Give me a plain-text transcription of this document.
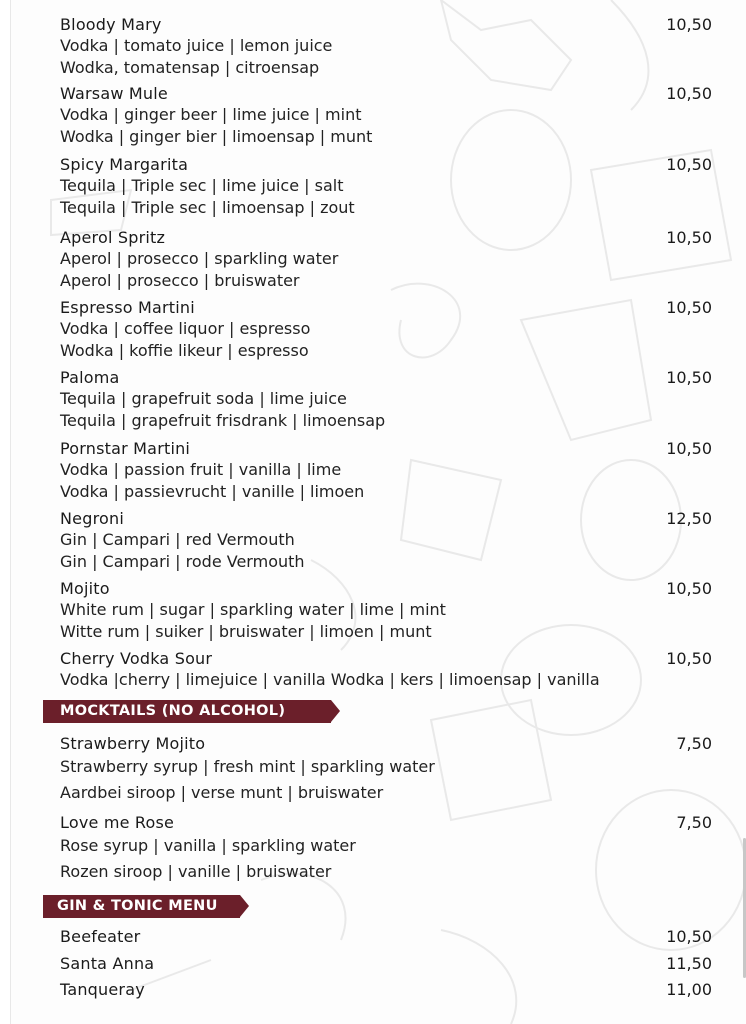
Bloody Mary	10,50
Vodka | tomato juice | lemon juice
Wodka, tomatensap | citroensap
Warsaw Mule	10,50
Vodka | ginger beer | lime juice | mint
Wodka | ginger bier | limoensap | munt
Spicy Margarita	10,50
Tequila | Triple sec | lime juice | salt
Tequila | Triple sec | limoensap | zout
Aperol Spritz	10,50
Aperol | prosecco | sparkling water
Aperol | prosecco | bruiswater
Espresso Martini	10,50
Vodka | coffee liquor | espresso
Wodka | koffie likeur | espresso
Paloma	10,50
Tequila | grapefruit soda | lime juice
Tequila | grapefruit frisdrank | limoensap
Pornstar Martini	10,50
Vodka | passion fruit | vanilla | lime
Vodka | passievrucht | vanille | limoen
Negroni	12,50
Gin | Campari | red Vermouth
Gin | Campari | rode Vermouth
Mojito	10,50
White rum | sugar | sparkling water | lime | mint
Witte rum | suiker | bruiswater | limoen | munt
Cherry Vodka Sour	10,50
Vodka |cherry | limejuice | vanilla Wodka | kers | limoensap | vanilla
MOCKTAILS (NO ALCOHOL)
Strawberry Mojito	7,50
Strawberry syrup | fresh mint | sparkling water
Aardbei siroop | verse munt | bruiswater
Love me Rose	7,50
Rose syrup | vanilla | sparkling water
Rozen siroop | vanille | bruiswater
GIN & TONIC MENU
Beefeater	10,50
Santa Anna	11,50
Tanqueray	11,00
